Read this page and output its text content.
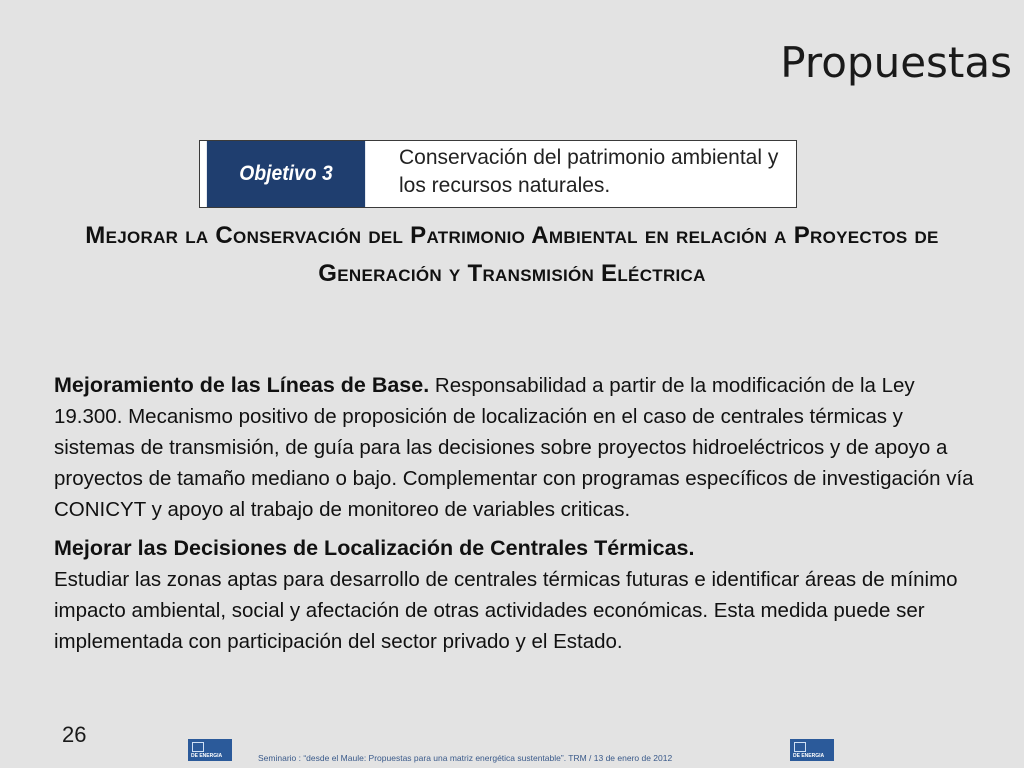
Propuestas
Objetivo 3
Conservación del patrimonio ambiental y los recursos naturales.
Mejorar la Conservación del Patrimonio Ambiental en relación a Proyectos de Generación y Transmisión Eléctrica

Mejoramiento de las Líneas de Base. Responsabilidad a partir de la modificación de la Ley 19.300. Mecanismo positivo de proposición de localización en el caso de centrales térmicas y sistemas de transmisión, de guía para las decisiones sobre proyectos hidroeléctricos y de apoyo a proyectos de tamaño mediano o bajo. Complementar con programas específicos de investigación vía CONICYT y apoyo al trabajo de monitoreo de variables criticas.

Mejorar las Decisiones de Localización de Centrales Térmicas.
Estudiar las zonas aptas para desarrollo de centrales térmicas futuras e identificar áreas de mínimo impacto ambiental, social y afectación de otras actividades económicas. Esta medida puede ser implementada con participación del sector privado y el Estado.

26
DE ENERGIA	Seminario : “desde el Maule: Propuestas para una matriz energética sustentable”. TRM / 13 de enero de 2012	DE ENERGIA
